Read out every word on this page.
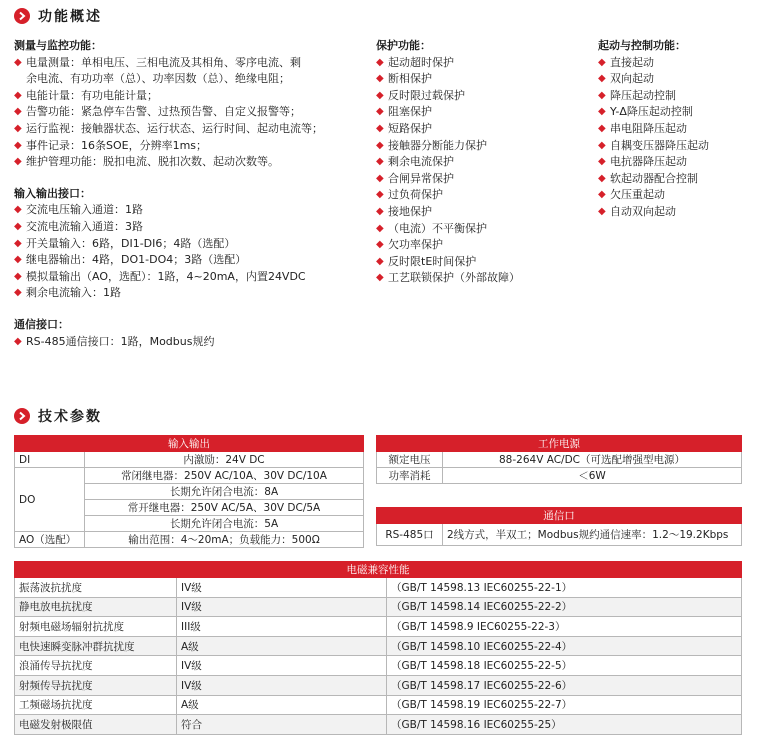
功能概述
测量与监控功能：
◆ 电量测量：单相电压、三相电流及其相角、零序电流、剩
余电流、有功功率（总）、功率因数（总）、绝缘电阻；
◆ 电能计量：有功电能计量；
◆ 告警功能：紧急停车告警、过热预告警、自定义报警等；
◆ 运行监视：接触器状态、运行状态、运行时间、起动电流等；
◆ 事件记录：16条SOE，分辨率1ms；
◆ 维护管理功能：脱扣电流、脱扣次数、起动次数等。
输入输出接口：
◆ 交流电压输入通道：1路
◆ 交流电流输入通道：3路
◆ 开关量输入：6路，DI1-DI6；4路（选配）
◆ 继电器输出：4路，DO1-DO4；3路（选配）
◆ 模拟量输出（AO，选配）：1路，4~20mA，内置24VDC
◆ 剩余电流输入：1路
通信接口：
◆ RS-485通信接口：1路，Modbus规约
保护功能：
◆ 起动超时保护
◆ 断相保护
◆ 反时限过载保护
◆ 阻塞保护
◆ 短路保护
◆ 接触器分断能力保护
◆ 剩余电流保护
◆ 合闸异常保护
◆ 过负荷保护
◆ 接地保护
◆ （电流）不平衡保护
◆ 欠功率保护
◆ 反时限tE时间保护
◆ 工艺联锁保护（外部故障）
起动与控制功能：
◆ 直接起动
◆ 双向起动
◆ 降压起动控制
◆ Y-Δ降压起动控制
◆ 串电阻降压起动
◆ 自耦变压器降压起动
◆ 电抗器降压起动
◆ 软起动器配合控制
◆ 欠压重起动
◆ 自动双向起动
技术参数
输入输出	
DI	内激励：24V DC
DO	常闭继电器：250V AC/10A、30V DC/10A
	长期允许闭合电流：8A
	常开继电器：250V AC/5A、30V DC/5A
	长期允许闭合电流：5A
AO（选配）	输出范围：4～20mA；负载能力：500Ω
工作电源	
额定电压	88-264V AC/DC（可选配增强型电源）
功率消耗	＜6W
通信口
RS-485口	2线方式，半双工；Modbus规约通信速率：1.2～19.2Kbps
电磁兼容性能		
振荡波抗扰度	IV级	（GB/T 14598.13 IEC60255-22-1）
静电放电抗扰度	IV级	（GB/T 14598.14 IEC60255-22-2）
射频电磁场辐射抗扰度	III级	（GB/T 14598.9 IEC60255-22-3）
电快速瞬变脉冲群抗扰度	A级	（GB/T 14598.10 IEC60255-22-4）
浪涌传导抗扰度	IV级	（GB/T 14598.18 IEC60255-22-5）
射频传导抗扰度	IV级	（GB/T 14598.17 IEC60255-22-6）
工频磁场抗扰度	A级	（GB/T 14598.19 IEC60255-22-7）
电磁发射极限值	符合	（GB/T 14598.16 IEC60255-25）
